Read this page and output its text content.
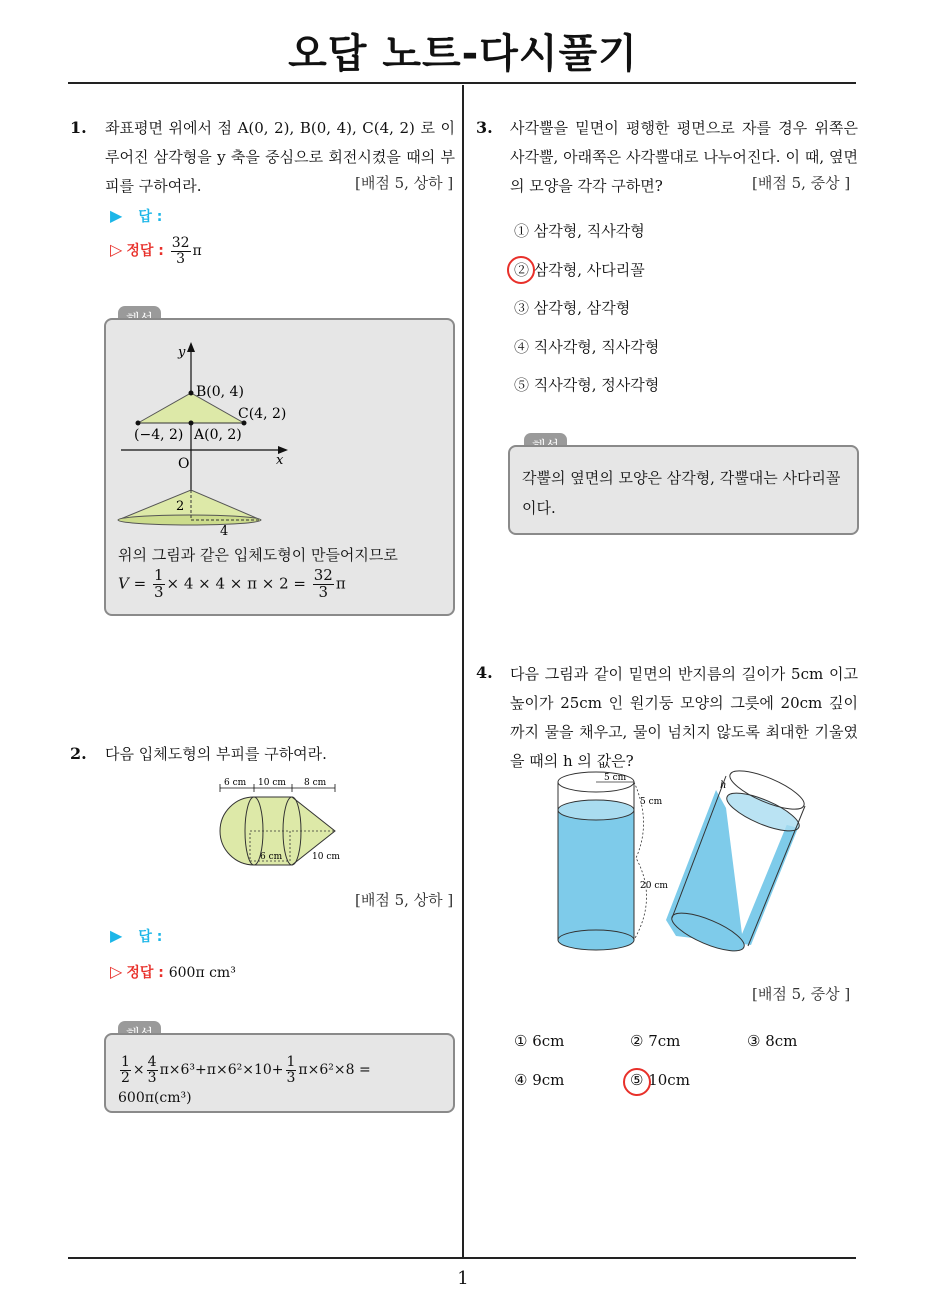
오답 노트-다시풀기
1
1. 좌표평면 위에서 점 A(0, 2), B(0, 4), C(4, 2) 로 이루어진 삼각형을 y 축을 중심으로 회전시켰을 때의 부피를 구하여라.	[배점 5, 상하 ]
▶ 답 :
▷ 정답 : $\frac{32}{3}$ π
y
x
O
B(0, 4)
C(4, 2)
A(0, 2)
(−4, 2)
2
4
위의 그림과 같은 입체도형이 만들어지므로
$V = \frac{1}{3} \times 4 \times 4 \times \pi \times 2 = \frac{32}{3}$ π
2. 다음 입체도형의 부피를 구하여라.
6 cm 10 cm 8 cm
6 cm	10 cm
[배점 5, 상하 ]
▶ 답 :
▷ 정답 : 600π cm³
$\frac{1}{2} \times \frac{4}{3} \pi\times 6^3+\pi\times 6^2\times 10+ \frac{1}{3} \pi\times 6^2\times 8 = 600\pi(cm^3)$
3. 사각뿔을 밑면이 평행한 평면으로 자를 경우 위쪽은 사각뿔, 아래쪽은 사각뿔대로 나누어진다. 이 때, 옆면의 모양을 각각 구하면?	[배점 5, 중상 ]
① 삼각형, 직사각형
② 삼각형, 사다리꼴
③ 삼각형, 삼각형
④ 직사각형, 직사각형
⑤ 직사각형, 정사각형
각뿔의 옆면의 모양은 삼각형, 각뿔대는 사다리꼴이다.
4. 다음 그림과 같이 밑면의 반지름의 길이가 5cm 이고 높이가 25cm 인 원기둥 모양의 그릇에 20cm 깊이까지 물을 채우고, 물이 넘치지 않도록 최대한 기울였을 때의 h 의 값은?
5 cm
5 cm
20 cm
h
[배점 5, 중상 ]
① 6cm	② 7cm	③ 8cm
④ 9cm	⑤ 10cm
